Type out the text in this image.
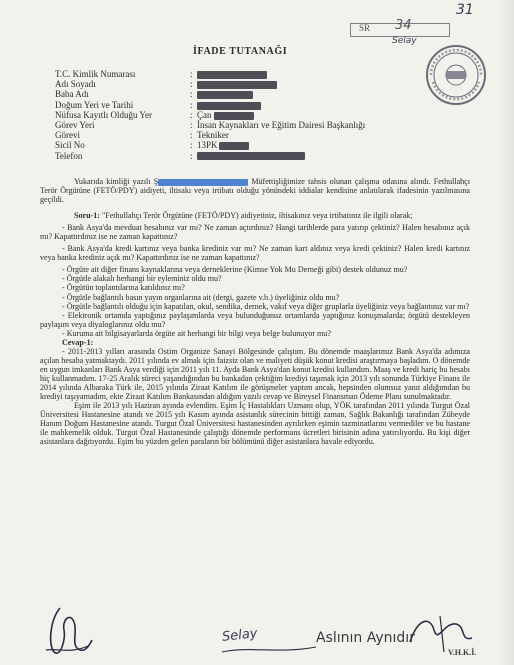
31
SR 34
Selay
İFADE TUTANAĞI
T.C. Kimlik Numarası
Adı Soyadı
Baba Adı
Doğum Yeri ve Tarihi
Nüfusa Kayıtlı Olduğu Yer
Görev Yeri
Görevi
Sicil No
Telefon
:
:
:
:
:
:
:
:
:
Çan
İnsan Kaynakları ve Eğitim Dairesi Başkanlığı
Tekniker
13PK

Yukarıda kimliği yazılı Ş	Müfettişliğimize tahsis olunan çalışma odasına alındı. Fethullahçı Terör Örgütüne (FETÖ/PDY) aidiyeti, iltisakı veya irtibatı olduğu yönündeki iddialar kendisine anlatılarak ifadesinin yazılmasına geçildi.

Soru-1: "Fethullahçı Terör Örgütüne (FETÖ/PDY) aidiyetiniz, iltisakınız veya irtibatınız ile ilgili olarak;

- Bank Asya'da mevduat hesabınız var mı? Ne zaman açtırdınız? Hangi tarihlerde para yatırıp çektiniz? Halen hesabınız açık mı? Kapattırdınız ise ne zaman kapattınız?

- Bank Asya'da kredi kartınız veya banka krediniz var mı? Ne zaman kart aldınız veya kredi çektiniz? Halen kredi kartınız veya banka krediniz açık mı? Kapattırdınız ise ne zaman kapattınız?

- Örgüte ait diğer finans kaynaklarına veya derneklerine (Kimse Yok Mu Derneği gibi) destek oldunuz mu?

- Örgütle alakalı herhangi bir eyleminiz oldu mu?

- Örgütün toplantılarına katıldınız mı?

- Örgütle bağlantılı basın yayın organlarına ait (dergi, gazete v.b.) üyeliğiniz oldu mu?

- Örgütle bağlantılı olduğu için kapatılan, okul, sendika, dernek, vakıf veya diğer gruplarla üyeliğiniz veya bağlantınız var mı?

- Elektronik ortamda yaptığınız paylaşımlarda veya bulunduğunuz ortamlarda yaptığınız konuşmalarda; örgütü destekleyen paylaşım veya diyaloglarınız oldu mu?

- Kuruma ait bilgisayarlarda örgüte ait herhangi bir bilgi veya belge bulunuyor mu?

Cevap-1:

- 2011-2013 yılları arasında Ostim Organize Sanayi Bölgesinde çalıştım. Bu dönemde maaşlarımız Bank Asya'da adımıza açılan hesaba yatmaktaydı. 2011 yılında ev almak için faizsiz olan ve maliyeti düşük konut kredisi araştırmaya başladım. O dönemde en uygun imkanları Bank Asya verdiği için 2011 yılı 11. Ayda Bank Asya'dan konut kredisi kullandım. Maaş ve kredi hariç bu hesabı hiç kullanmadım. 17-25 Aralık süreci yaşandığından bu bankadan çektiğim krediyi taşımak için 2013 yılı sonunda Türkiye Finans ile 2014 yılında Albaraka Türk ile, 2015 yılında Ziraat Katılım ile görüşmeler yaptım ancak, hepsinden olumsuz yanıt aldığımdan bu krediyi taşıyamadım, ekte Ziraat Katılım Bankasından aldığım yazılı cevap ve Bireysel Finansman Ödeme Planı sunulmaktadır.

Eşim ile 2013 yılı Haziran ayında evlendim. Eşim İç Hastalıkları Uzmanı olup, YÖK tarafından 2011 yılında Turgut Özal Üniversitesi Hastanesine atandı ve 2015 yılı Kasım ayında asistanlık sürecinin bittiği zaman, Sağlık Bakanlığı tarafından Zübeyde Hanım Doğum Hastanesine atandı. Turgut Özal Üniversitesi hastanesinden ayrılırken eşimin tazminatlarını vermediler ve bu hastane ile mahkemelik olduk. Turgut Özal Hastanesinde çalıştığı dönemde performans ücretleri birisinin adına yatırılıyordu. Bu kişi diğer asistanlara dağıtıyordu. Eşim bu yüzden gelen paraların bir bölümünü diğer asistanlara havale ediyordu.

Selay	Aslının Aynıdır
V.H.K.İ.
